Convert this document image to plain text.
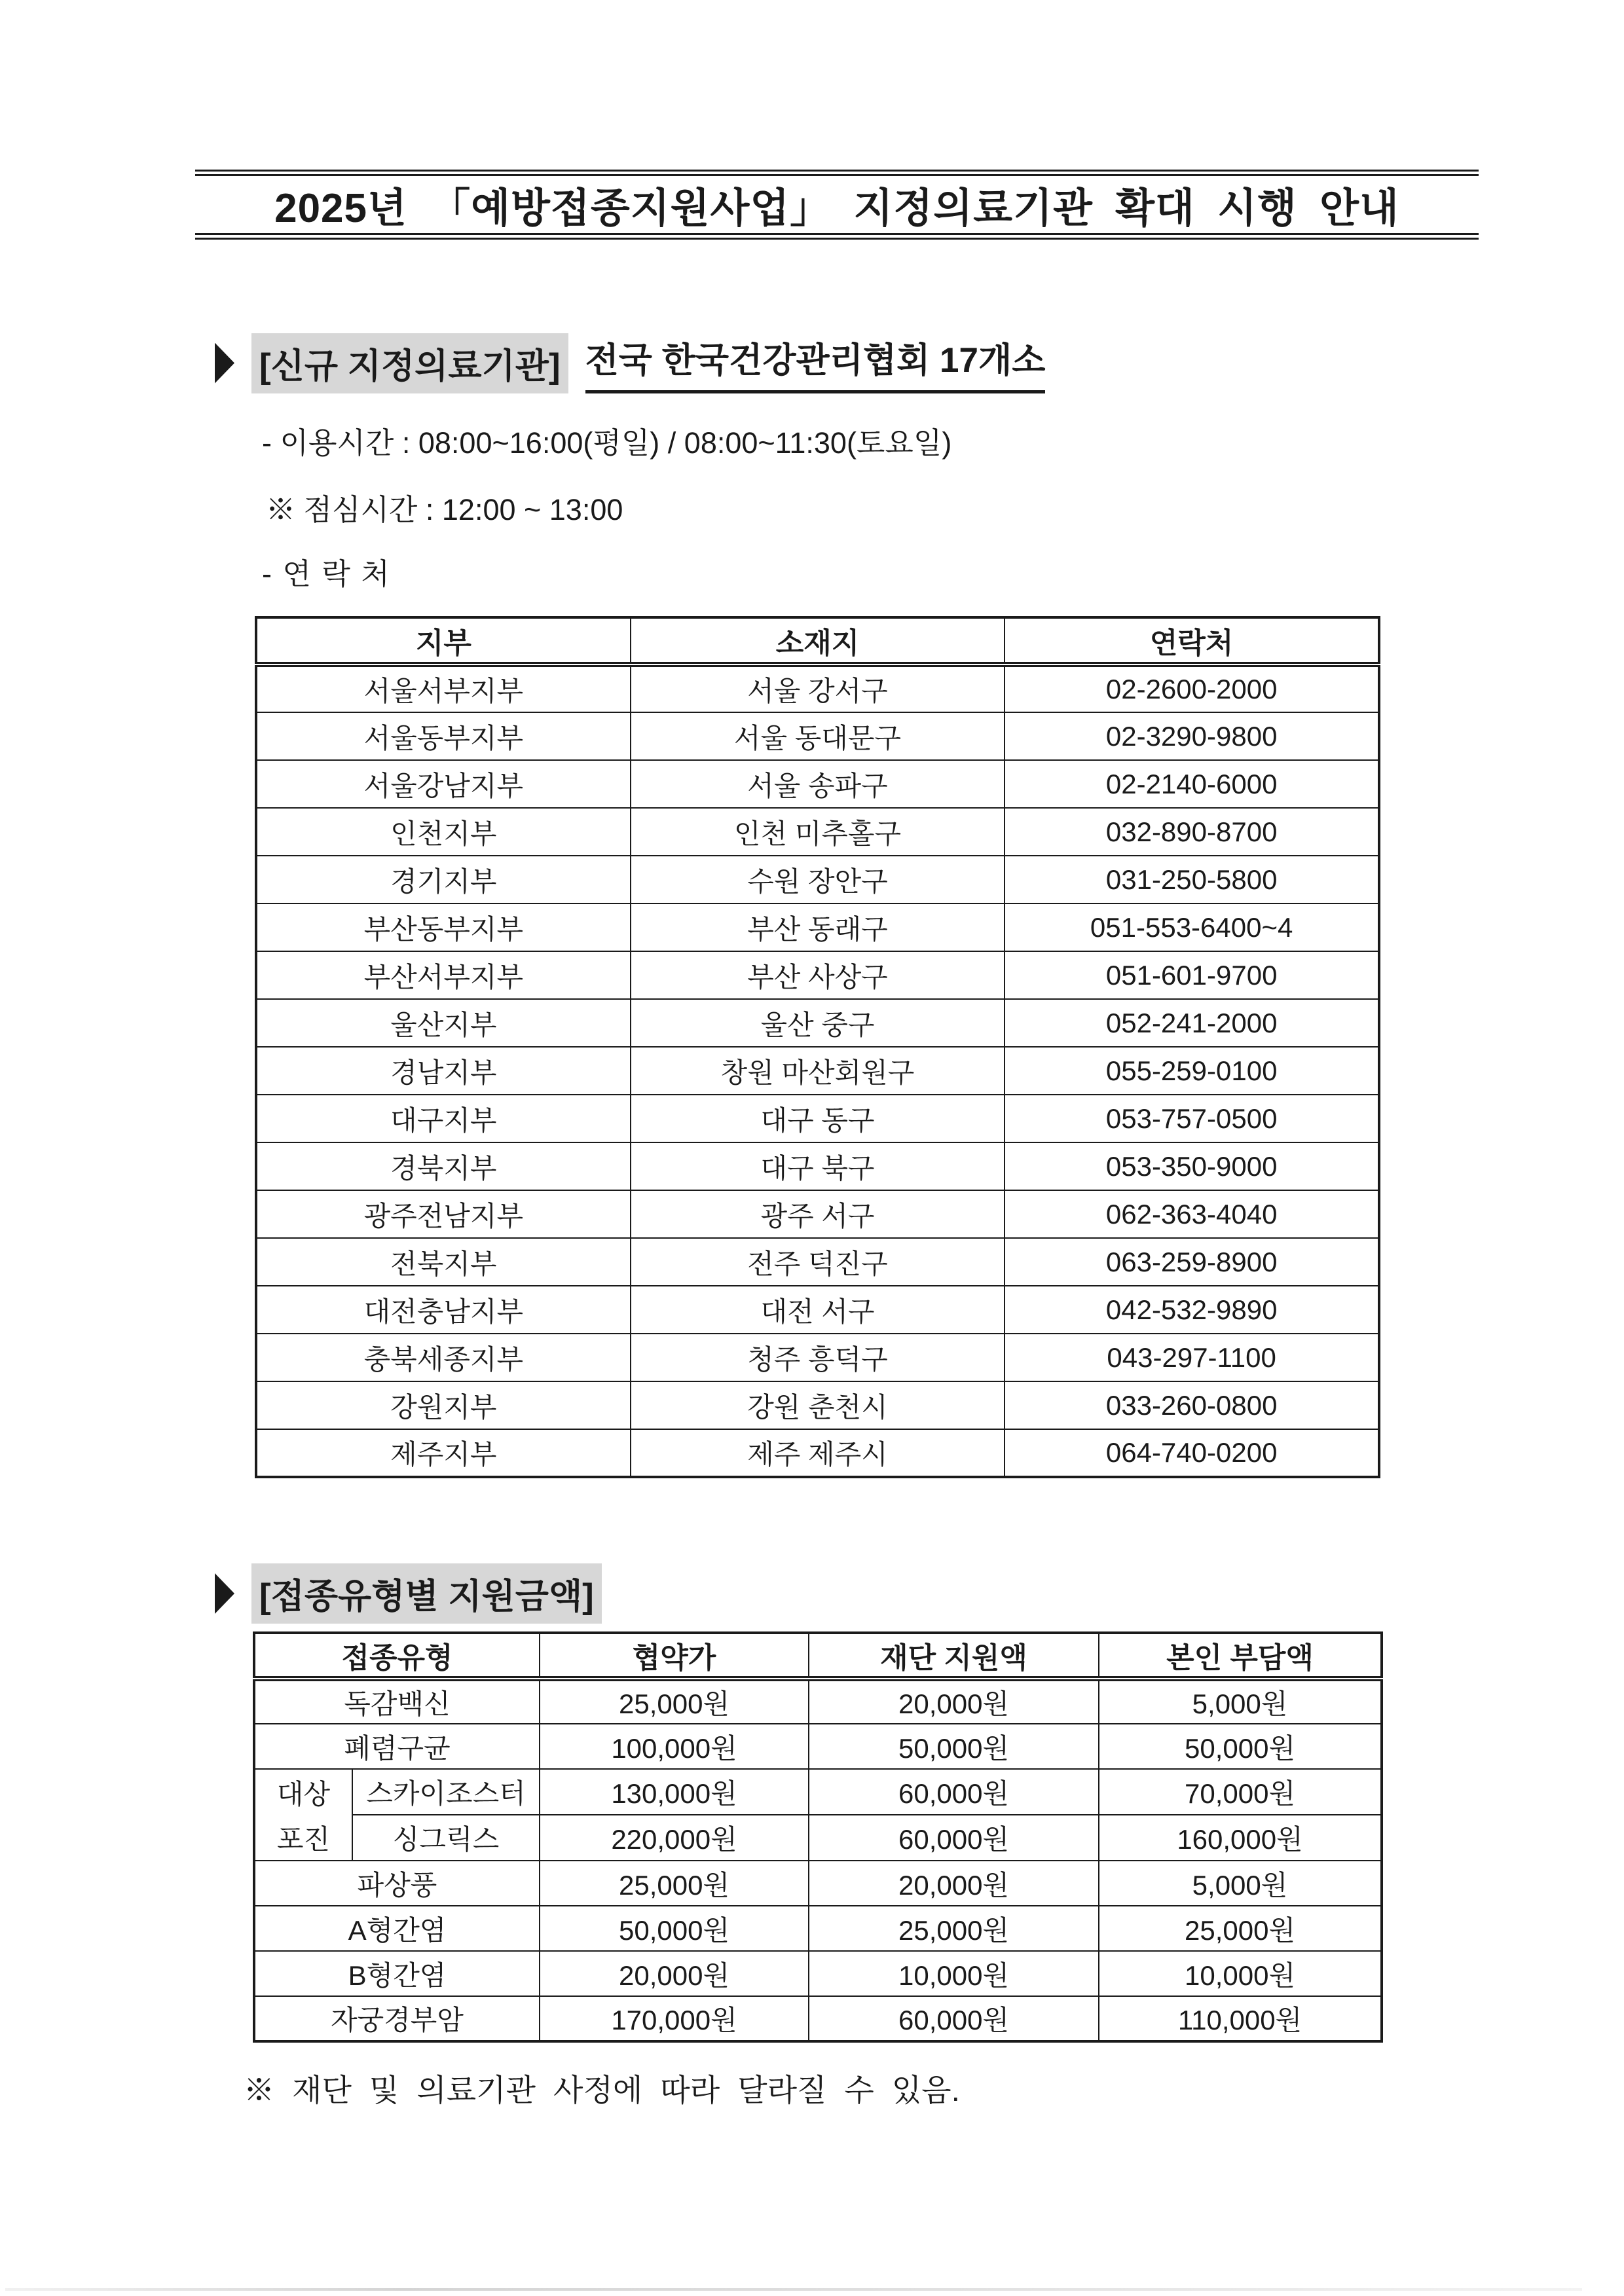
2025년 「예방접종지원사업」 지정의료기관 확대 시행 안내
[신규 지정의료기관] 전국 한국건강관리협회 17개소
- 이용시간 : 08:00~16:00(평일) / 08:00~11:30(토요일)
※ 점심시간 : 12:00 ~ 13:00
- 연 락 처
지부	소재지	연락처
서울서부지부	서울 강서구	02-2600-2000
서울동부지부	서울 동대문구	02-3290-9800
서울강남지부	서울 송파구	02-2140-6000
인천지부	인천 미추홀구	032-890-8700
경기지부	수원 장안구	031-250-5800
부산동부지부	부산 동래구	051-553-6400~4
부산서부지부	부산 사상구	051-601-9700
울산지부	울산 중구	052-241-2000
경남지부	창원 마산회원구	055-259-0100
대구지부	대구 동구	053-757-0500
경북지부	대구 북구	053-350-9000
광주전남지부	광주 서구	062-363-4040
전북지부	전주 덕진구	063-259-8900
대전충남지부	대전 서구	042-532-9890
충북세종지부	청주 흥덕구	043-297-1100
강원지부	강원 춘천시	033-260-0800
제주지부	제주 제주시	064-740-0200
[접종유형별 지원금액]
접종유형		협약가	재단 지원액	본인 부담액
독감백신		25,000원	20,000원	5,000원
폐렴구균		100,000원	50,000원	50,000원

대상
포진	스카이조스터	130,000원	60,000원	70,000원
	싱그릭스	220,000원	60,000원	160,000원
파상풍		25,000원	20,000원	5,000원
A형간염		50,000원	25,000원	25,000원
B형간염		20,000원	10,000원	10,000원
자궁경부암		170,000원	60,000원	110,000원
※ 재단 및 의료기관 사정에 따라 달라질 수 있음.
